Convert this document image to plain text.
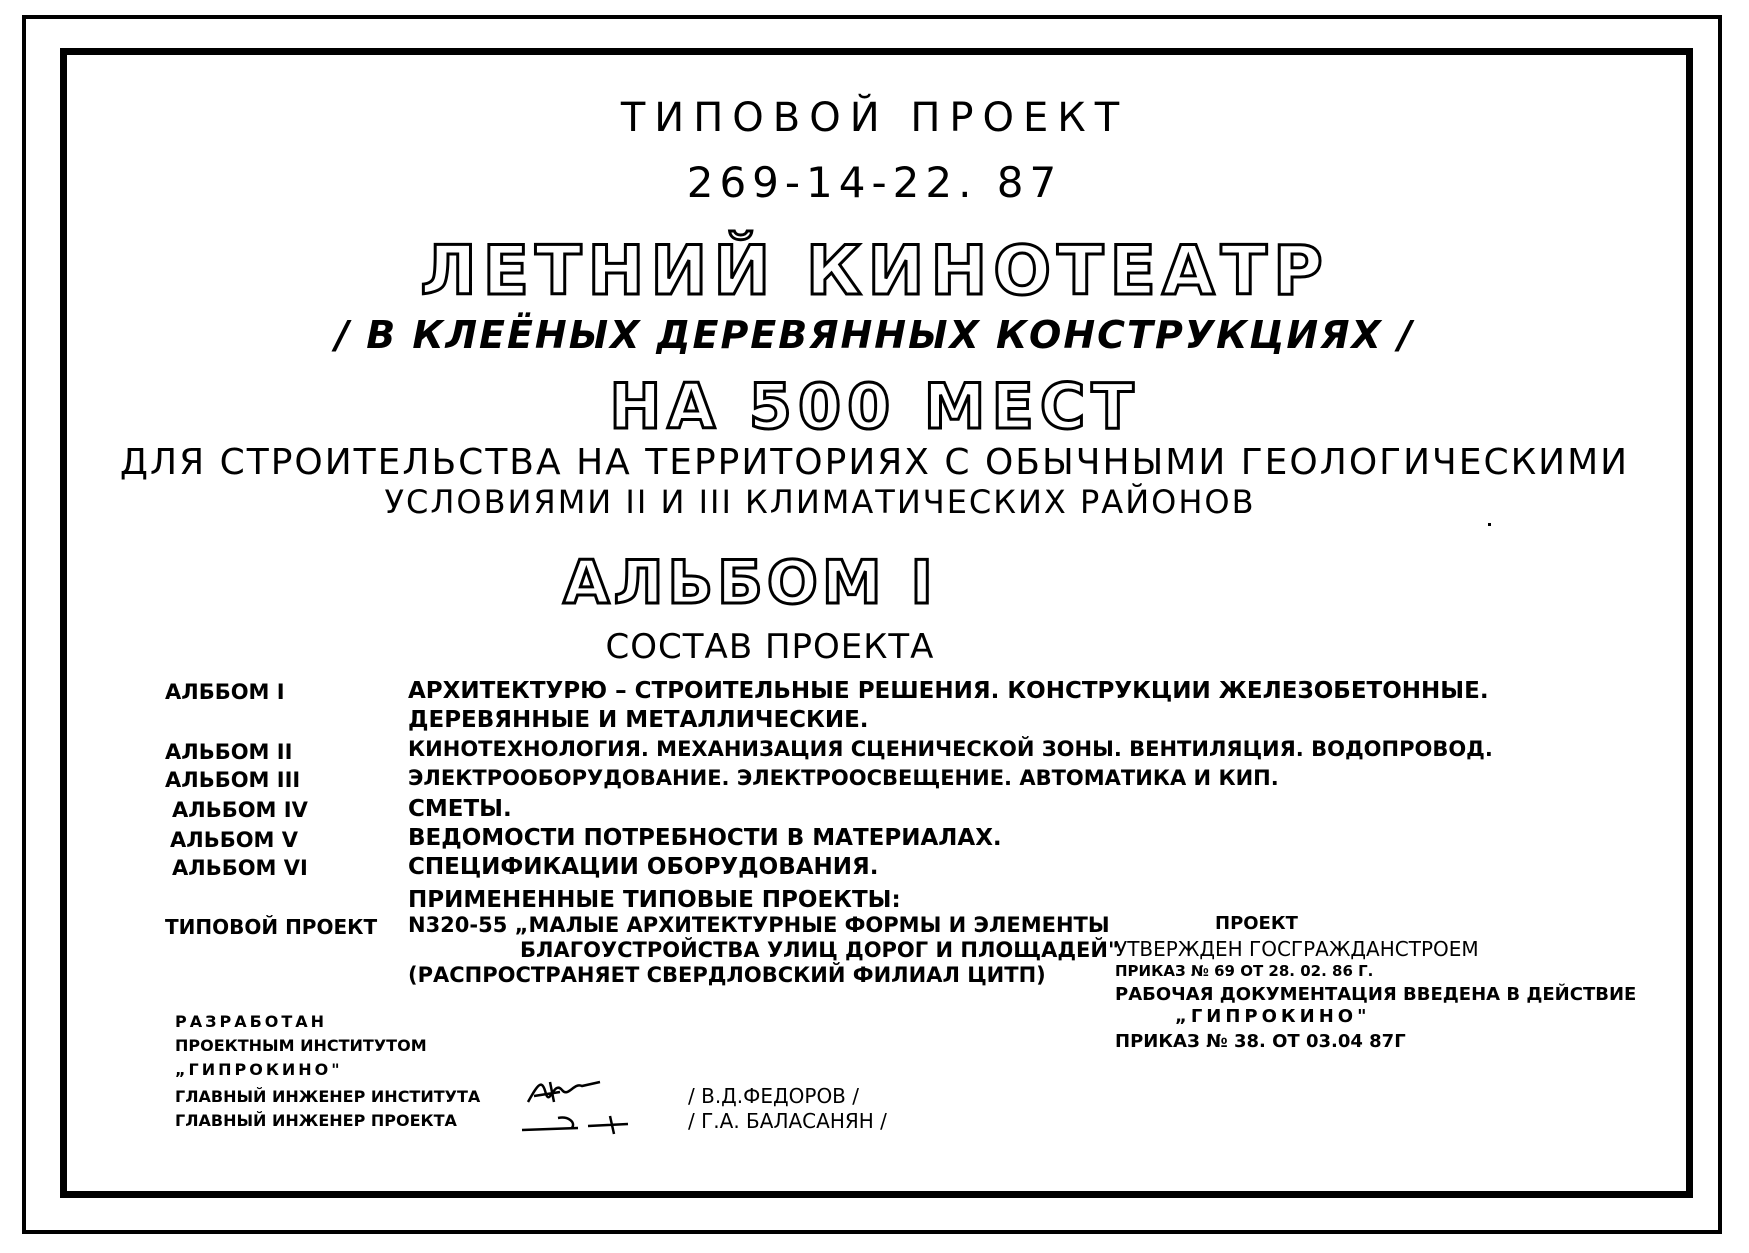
ТИПОВОЙ ПРОЕКТ
269-14-22. 87
ЛЕТНИЙ КИНОТЕАТР
/ В КЛЕЁНЫХ ДЕРЕВЯННЫХ КОНСТРУКЦИЯХ /
НА 500 МЕСТ
ДЛЯ СТРОИТЕЛЬСТВА НА ТЕРРИТОРИЯХ С ОБЫЧНЫМИ ГЕОЛОГИЧЕСКИМИ
УСЛОВИЯМИ II И III КЛИМАТИЧЕСКИХ РАЙОНОВ
АЛЬБОМ I
СОСТАВ ПРОЕКТА
АЛББОМ I	АРХИТЕКТУРЮ – СТРОИТЕЛЬНЫЕ РЕШЕНИЯ. КОНСТРУКЦИИ ЖЕЛЕЗОБЕТОННЫЕ.
ДЕРЕВЯННЫЕ И МЕТАЛЛИЧЕСКИЕ.
АЛЬБОМ II	КИНОТЕХНОЛОГИЯ. МЕХАНИЗАЦИЯ СЦЕНИЧЕСКОЙ ЗОНЫ. ВЕНТИЛЯЦИЯ. ВОДОПРОВОД.
АЛЬБОМ III	ЭЛЕКТРООБОРУДОВАНИЕ. ЭЛЕКТРООСВЕЩЕНИЕ. АВТОМАТИКА И КИП.
АЛЬБОМ IV	СМЕТЫ.
АЛЬБОМ V	ВЕДОМОСТИ ПОТРЕБНОСТИ В МАТЕРИАЛАХ.
АЛЬБОМ VI	СПЕЦИФИКАЦИИ ОБОРУДОВАНИЯ.
ПРИМЕНЕННЫЕ ТИПОВЫЕ ПРОЕКТЫ:
ТИПОВОЙ ПРОЕКТ N320-55 „МАЛЫЕ АРХИТЕКТУРНЫЕ ФОРМЫ И ЭЛЕМЕНТЫ
БЛАГОУСТРОЙСТВА УЛИЦ ДОРОГ И ПЛОЩАДЕЙ"
(РАСПРОСТРАНЯЕТ СВЕРДЛОВСКИЙ ФИЛИАЛ ЦИТП)
ПРОЕКТ
УТВЕРЖДЕН ГОСГРАЖДАНСТРОЕМ
ПРИКАЗ № 69 ОТ 28. 02. 86 Г.
РАБОЧАЯ ДОКУМЕНТАЦИЯ ВВЕДЕНА В ДЕЙСТВИЕ
„ГИПРОКИНО"
ПРИКАЗ № 38. ОТ 03.04 87Г
РАЗРАБОТАН
ПРОЕКТНЫМ ИНСТИТУТОМ
„ГИПРОКИНО"
ГЛАВНЫЙ ИНЖЕНЕР ИНСТИТУТА
ГЛАВНЫЙ ИНЖЕНЕР ПРОЕКТА
/ В.Д.ФЕДОРОВ /
/ Г.А. БАЛАСАНЯН /
